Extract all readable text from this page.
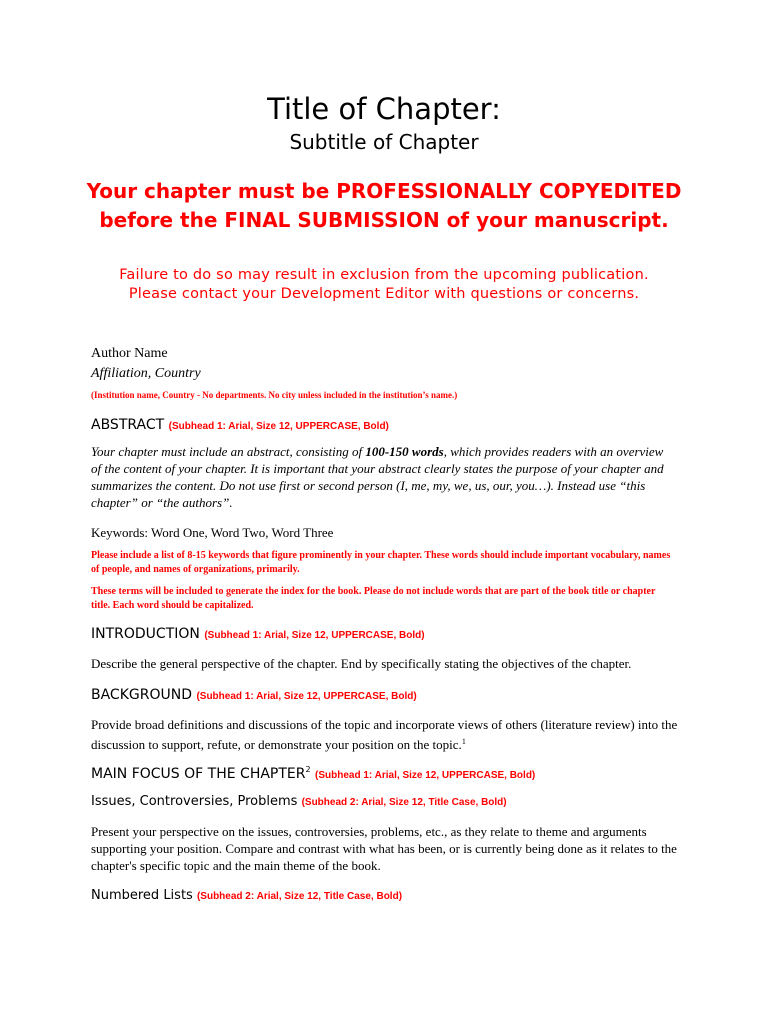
Title of Chapter:
Subtitle of Chapter
Your chapter must be PROFESSIONALLY COPYEDITED before the FINAL SUBMISSION of your manuscript.
Failure to do so may result in exclusion from the upcoming publication.
Please contact your Development Editor with questions or concerns.
Author Name
Affiliation, Country
(Institution name, Country - No departments. No city unless included in the institution’s name.)
ABSTRACT (Subhead 1: Arial, Size 12, UPPERCASE, Bold)
Your chapter must include an abstract, consisting of 100-150 words, which provides readers with an overview of the content of your chapter. It is important that your abstract clearly states the purpose of your chapter and summarizes the content. Do not use first or second person (I, me, my, we, us, our, you…). Instead use “this chapter” or “the authors”.
Keywords: Word One, Word Two, Word Three
Please include a list of 8-15 keywords that figure prominently in your chapter. These words should include important vocabulary, names of people, and names of organizations, primarily.
These terms will be included to generate the index for the book. Please do not include words that are part of the book title or chapter title. Each word should be capitalized.
INTRODUCTION (Subhead 1: Arial, Size 12, UPPERCASE, Bold)
Describe the general perspective of the chapter. End by specifically stating the objectives of the chapter.
BACKGROUND (Subhead 1: Arial, Size 12, UPPERCASE, Bold)
Provide broad definitions and discussions of the topic and incorporate views of others (literature review) into the discussion to support, refute, or demonstrate your position on the topic.$^1$
MAIN FOCUS OF THE CHAPTER$^2$ (Subhead 1: Arial, Size 12, UPPERCASE, Bold)
Issues, Controversies, Problems (Subhead 2: Arial, Size 12, Title Case, Bold)
Present your perspective on the issues, controversies, problems, etc., as they relate to theme and arguments supporting your position. Compare and contrast with what has been, or is currently being done as it relates to the chapter's specific topic and the main theme of the book.
Numbered Lists (Subhead 2: Arial, Size 12, Title Case, Bold)
